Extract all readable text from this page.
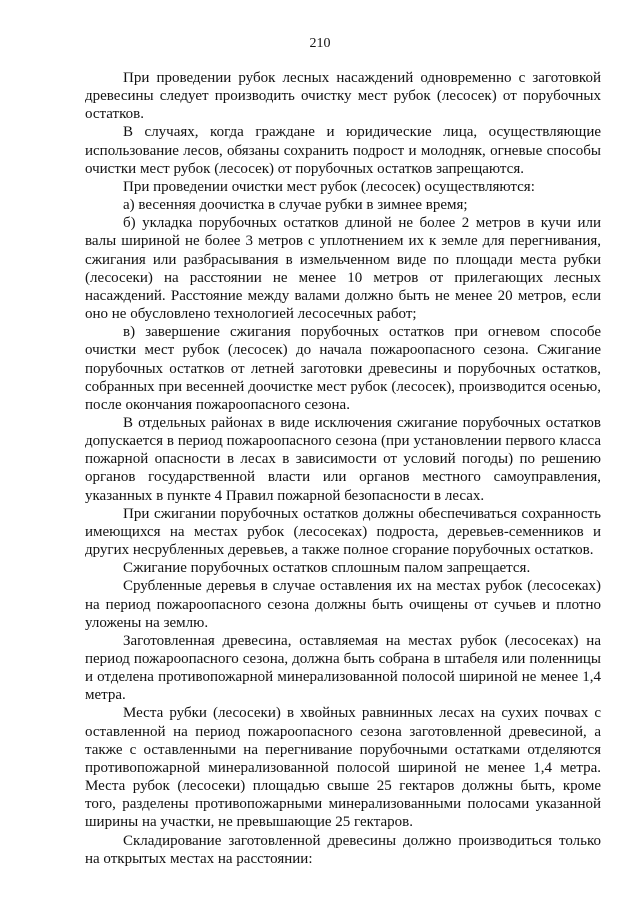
210

При проведении рубок лесных насаждений одновременно с заготовкой древесины следует производить очистку мест рубок (лесосек) от порубочных остатков.

В случаях, когда граждане и юридические лица, осуществляющие использование лесов, обязаны сохранить подрост и молодняк, огневые способы очистки мест рубок (лесосек) от порубочных остатков запрещаются.

При проведении очистки мест рубок (лесосек) осуществляются:

а) весенняя доочистка в случае рубки в зимнее время;

б) укладка порубочных остатков длиной не более 2 метров в кучи или валы шириной не более 3 метров с уплотнением их к земле для перегнивания, сжигания или разбрасывания в измельченном виде по площади места рубки (лесосеки) на расстоянии не менее 10 метров от прилегающих лесных насаждений. Расстояние между валами должно быть не менее 20 метров, если оно не обусловлено технологией лесосечных работ;

в) завершение сжигания порубочных остатков при огневом способе очистки мест рубок (лесосек) до начала пожароопасного сезона. Сжигание порубочных остатков от летней заготовки древесины и порубочных остатков, собранных при весенней доочистке мест рубок (лесосек), производится осенью, после окончания пожароопасного сезона.

В отдельных районах в виде исключения сжигание порубочных остатков допускается в период пожароопасного сезона (при установлении первого класса пожарной опасности в лесах в зависимости от условий погоды) по решению органов государственной власти или органов местного самоуправления, указанных в пункте 4 Правил пожарной безопасности в лесах.

При сжигании порубочных остатков должны обеспечиваться сохранность имеющихся на местах рубок (лесосеках) подроста, деревьев-семенников и других несрубленных деревьев, а также полное сгорание порубочных остатков.

Сжигание порубочных остатков сплошным палом запрещается.

Срубленные деревья в случае оставления их на местах рубок (лесосеках) на период пожароопасного сезона должны быть очищены от сучьев и плотно уложены на землю.

Заготовленная древесина, оставляемая на местах рубок (лесосеках) на период пожароопасного сезона, должна быть собрана в штабеля или поленницы и отделена противопожарной минерализованной полосой шириной не менее 1,4 метра.

Места рубки (лесосеки) в хвойных равнинных лесах на сухих почвах с оставленной на период пожароопасного сезона заготовленной древесиной, а также с оставленными на перегнивание порубочными остатками отделяются противопожарной минерализованной полосой шириной не менее 1,4 метра. Места рубок (лесосеки) площадью свыше 25 гектаров должны быть, кроме того, разделены противопожарными минерализованными полосами указанной ширины на участки, не превышающие 25 гектаров.

Складирование заготовленной древесины должно производиться только на открытых местах на расстоянии:
